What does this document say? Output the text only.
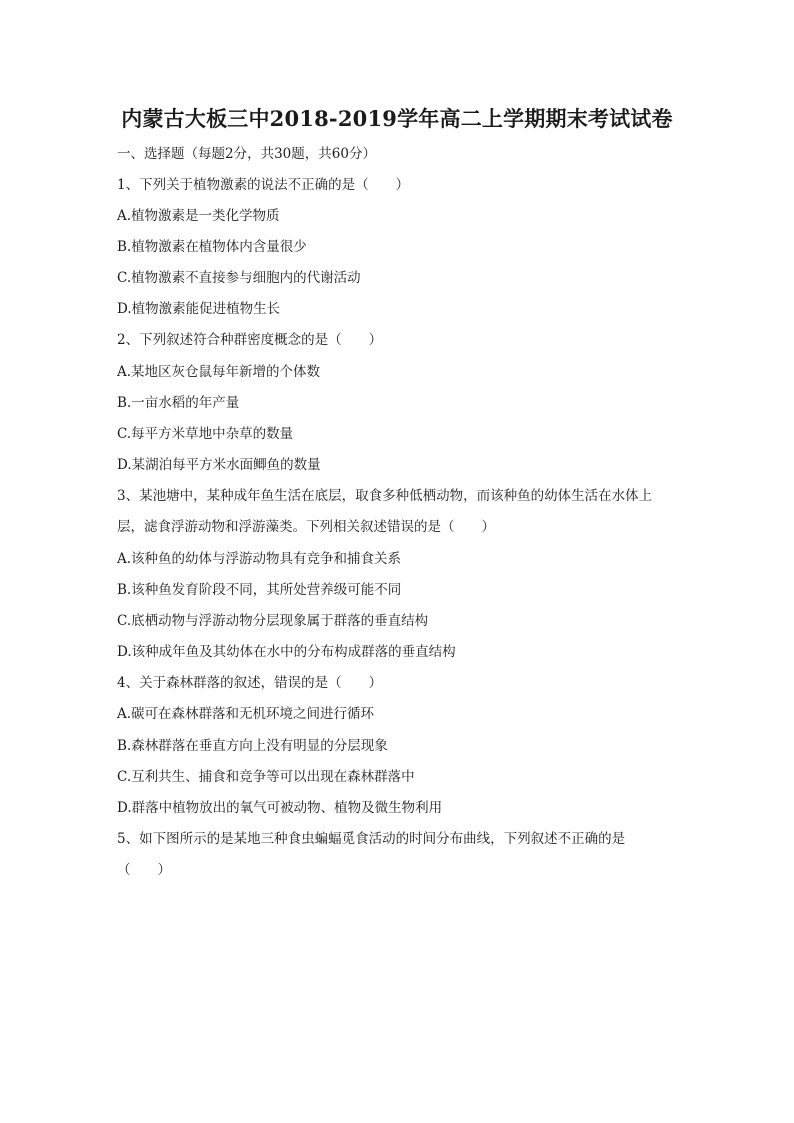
内蒙古大板三中2018-2019学年高二上学期期末考试试卷
一、选择题（每题2分，共30题，共60分）
1、下列关于植物激素的说法不正确的是（　　）
A.植物激素是一类化学物质
B.植物激素在植物体内含量很少
C.植物激素不直接参与细胞内的代谢活动
D.植物激素能促进植物生长
2、下列叙述符合种群密度概念的是（　　）
A.某地区灰仓鼠每年新增的个体数
B.一亩水稻的年产量
C.每平方米草地中杂草的数量
D.某湖泊每平方米水面鲫鱼的数量
3、某池塘中，某种成年鱼生活在底层，取食多种低栖动物，而该种鱼的幼体生活在水体上
层，滤食浮游动物和浮游藻类。下列相关叙述错误的是（　　）
A.该种鱼的幼体与浮游动物具有竞争和捕食关系
B.该种鱼发育阶段不同，其所处营养级可能不同
C.底栖动物与浮游动物分层现象属于群落的垂直结构
D.该种成年鱼及其幼体在水中的分布构成群落的垂直结构
4、关于森林群落的叙述，错误的是（　　）
A.碳可在森林群落和无机环境之间进行循环
B.森林群落在垂直方向上没有明显的分层现象
C.互利共生、捕食和竞争等可以出现在森林群落中
D.群落中植物放出的氧气可被动物、植物及微生物利用
5、如下图所示的是某地三种食虫蝙蝠觅食活动的时间分布曲线，下列叙述不正确的是
（　　）
